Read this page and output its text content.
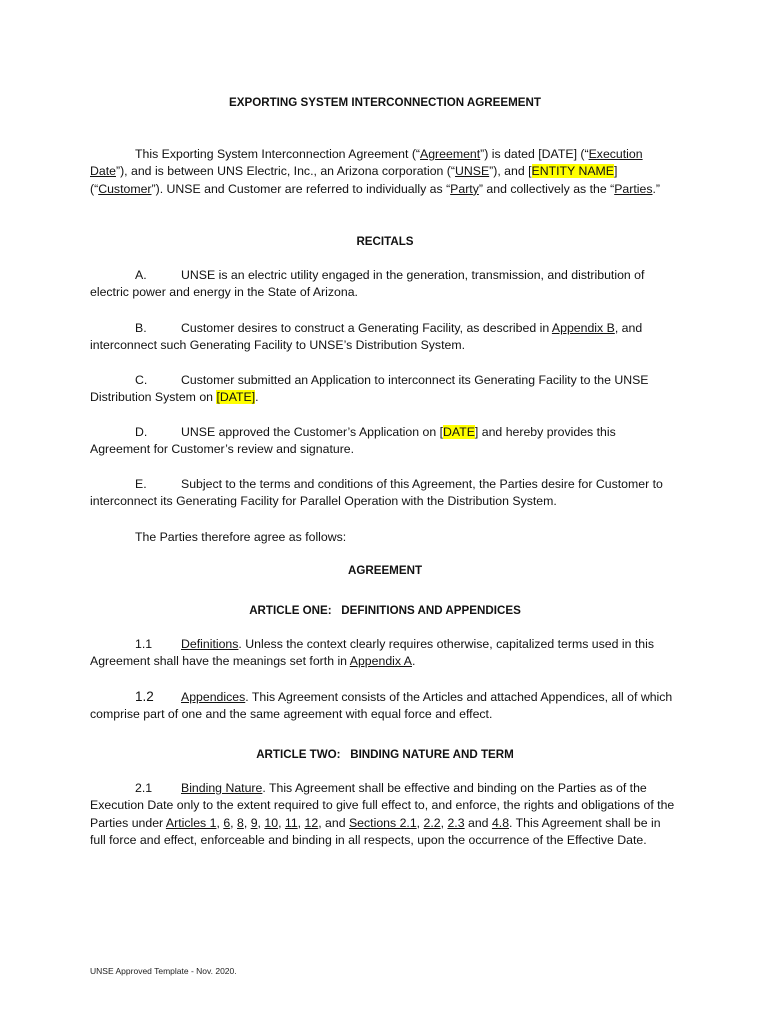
EXPORTING SYSTEM INTERCONNECTION AGREEMENT
This Exporting System Interconnection Agreement (“Agreement”) is dated [DATE] (“Execution Date”), and is between UNS Electric, Inc., an Arizona corporation (“UNSE”), and [ENTITY NAME] (“Customer”). UNSE and Customer are referred to individually as “Party” and collectively as the “Parties.”
RECITALS
A.	UNSE is an electric utility engaged in the generation, transmission, and distribution of electric power and energy in the State of Arizona.
B.	Customer desires to construct a Generating Facility, as described in Appendix B, and interconnect such Generating Facility to UNSE’s Distribution System.
C.	Customer submitted an Application to interconnect its Generating Facility to the UNSE Distribution System on [DATE].
D.	UNSE approved the Customer’s Application on [DATE] and hereby provides this Agreement for Customer’s review and signature.
E.	Subject to the terms and conditions of this Agreement, the Parties desire for Customer to interconnect its Generating Facility for Parallel Operation with the Distribution System.
The Parties therefore agree as follows:
AGREEMENT
ARTICLE ONE:   DEFINITIONS AND APPENDICES
1.1 Definitions. Unless the context clearly requires otherwise, capitalized terms used in this Agreement shall have the meanings set forth in Appendix A.
1.2 Appendices. This Agreement consists of the Articles and attached Appendices, all of which comprise part of one and the same agreement with equal force and effect.
ARTICLE TWO:   BINDING NATURE AND TERM
2.1 Binding Nature. This Agreement shall be effective and binding on the Parties as of the Execution Date only to the extent required to give full effect to, and enforce, the rights and obligations of the Parties under Articles 1, 6, 8, 9, 10, 11, 12, and Sections 2.1, 2.2, 2.3 and 4.8. This Agreement shall be in full force and effect, enforceable and binding in all respects, upon the occurrence of the Effective Date.
UNSE Approved Template - Nov. 2020.
